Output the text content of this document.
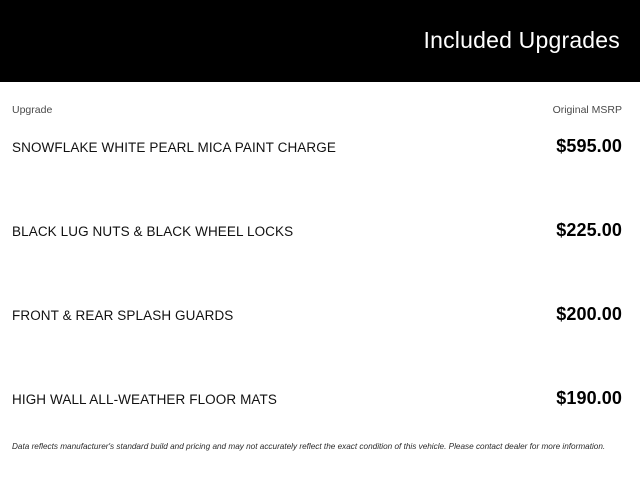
Included Upgrades
Upgrade	Original MSRP
SNOWFLAKE WHITE PEARL MICA PAINT CHARGE	$595.00
BLACK LUG NUTS & BLACK WHEEL LOCKS	$225.00
FRONT & REAR SPLASH GUARDS	$200.00
HIGH WALL ALL-WEATHER FLOOR MATS	$190.00
Data reflects manufacturer's standard build and pricing and may not accurately reflect the exact condition of this vehicle. Please contact dealer for more information.
